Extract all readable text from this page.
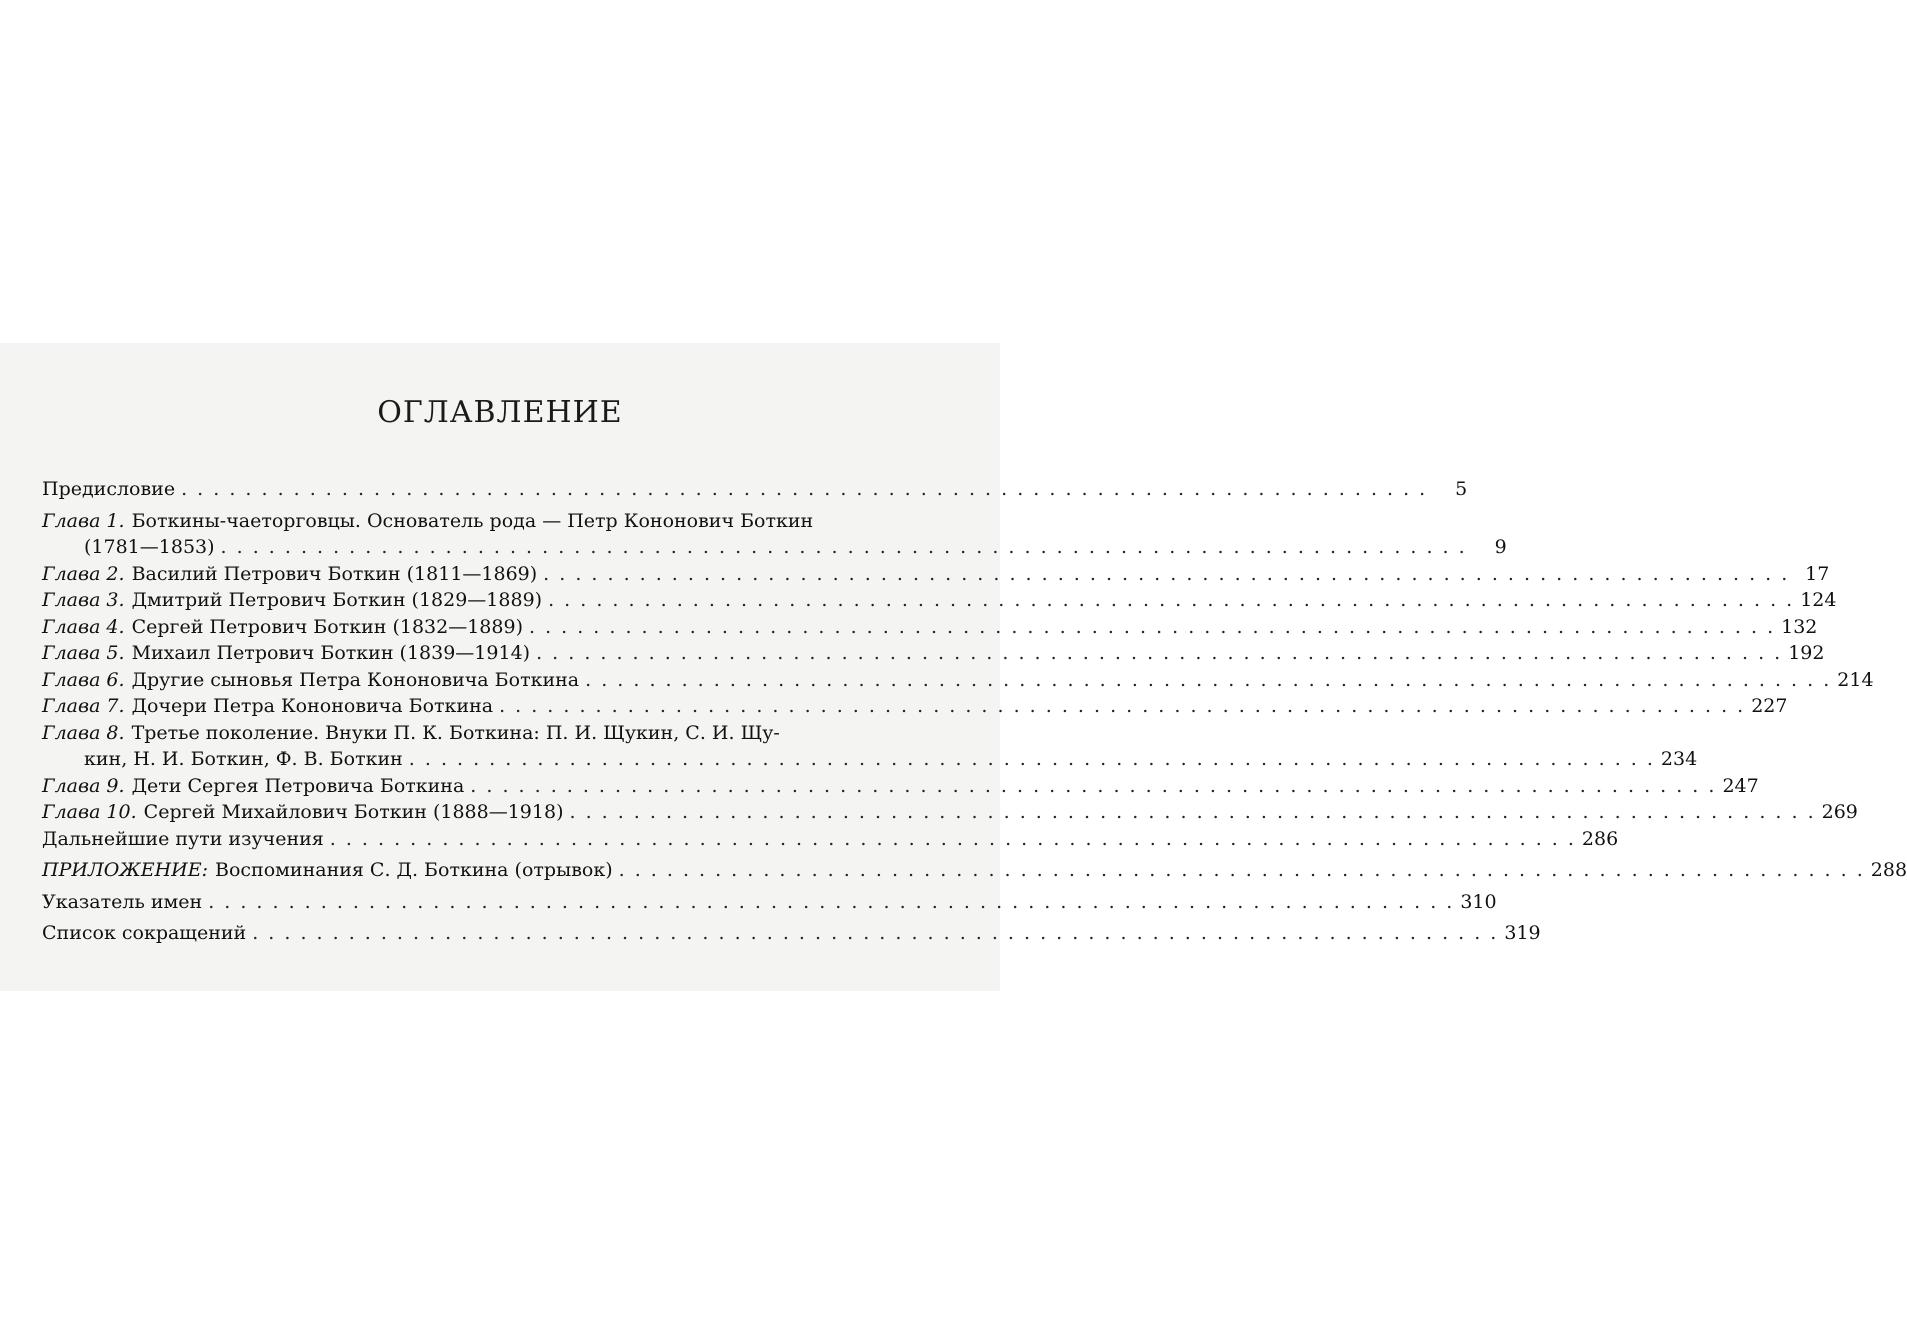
ОГЛАВЛЕНИЕ
Предисловие . . .	5
Глава 1. Боткины-чаеторговцы. Основатель рода — Петр Кононович Боткин
(1781—1853) . . .	9
Глава 2. Василий Петрович Боткин (1811—1869) . . .	17
Глава 3. Дмитрий Петрович Боткин (1829—1889) . . .	124
Глава 4. Сергей Петрович Боткин (1832—1889) . . .	132
Глава 5. Михаил Петрович Боткин (1839—1914) . . .	192
Глава 6. Другие сыновья Петра Кононовича Боткина . . .	214
Глава 7. Дочери Петра Кононовича Боткина . . .	227
Глава 8. Третье поколение. Внуки П. К. Боткина: П. И. Щукин, С. И. Щу-
кин, Н. И. Боткин, Ф. В. Боткин . . .	234
Глава 9. Дети Сергея Петровича Боткина . . .	247
Глава 10. Сергей Михайлович Боткин (1888—1918) . . .	269
Дальнейшие пути изучения . . .	286
ПРИЛОЖЕНИЕ: Воспоминания С. Д. Боткина (отрывок) . . .	288
Указатель имен . . .	310
Список сокращений . . .	319
